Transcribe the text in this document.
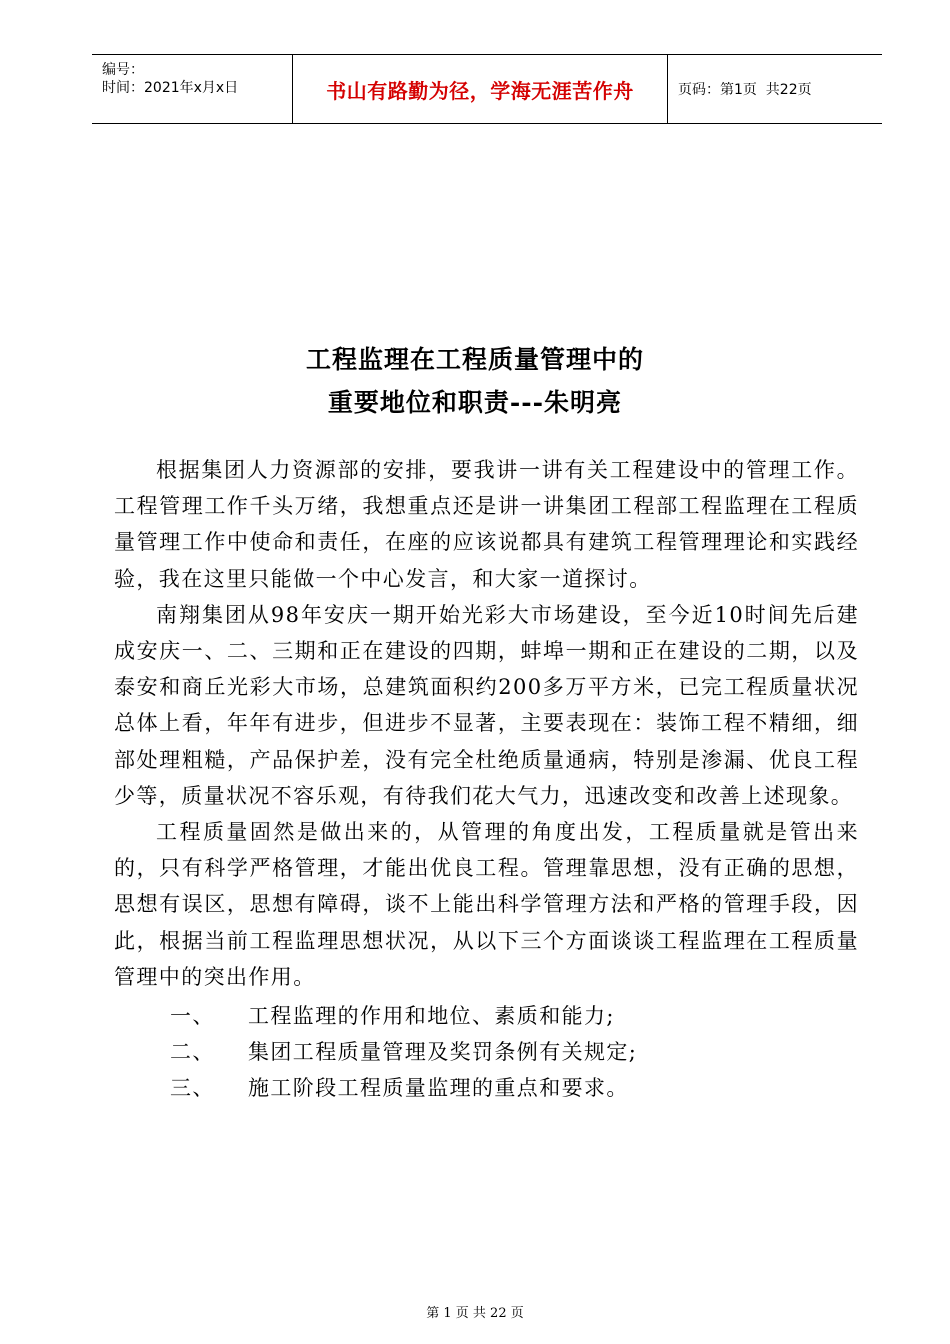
编号：
时间：2021年x月x日	书山有路勤为径，学海无涯苦作舟	页码：第1页  共22页
工程监理在工程质量管理中的
重要地位和职责---朱明亮

根据集团人力资源部的安排，要我讲一讲有关工程建设中的管理工作。工程管理工作千头万绪，我想重点还是讲一讲集团工程部工程监理在工程质量管理工作中使命和责任，在座的应该说都具有建筑工程管理理论和实践经验，我在这里只能做一个中心发言，和大家一道探讨。

南翔集团从98年安庆一期开始光彩大市场建设，至今近10时间先后建成安庆一、二、三期和正在建设的四期，蚌埠一期和正在建设的二期，以及泰安和商丘光彩大市场，总建筑面积约200多万平方米，已完工程质量状况总体上看，年年有进步，但进步不显著，主要表现在：装饰工程不精细，细部处理粗糙，产品保护差，没有完全杜绝质量通病，特别是渗漏、优良工程少等，质量状况不容乐观，有待我们花大气力，迅速改变和改善上述现象。

工程质量固然是做出来的，从管理的角度出发，工程质量就是管出来的，只有科学严格管理，才能出优良工程。管理靠思想，没有正确的思想，思想有误区，思想有障碍，谈不上能出科学管理方法和严格的管理手段，因此，根据当前工程监理思想状况，从以下三个方面谈谈工程监理在工程质量管理中的突出作用。

一、 工程监理的作用和地位、素质和能力;
二、 集团工程质量管理及奖罚条例有关规定;
三、 施工阶段工程质量监理的重点和要求。
第 1 页 共 22 页
